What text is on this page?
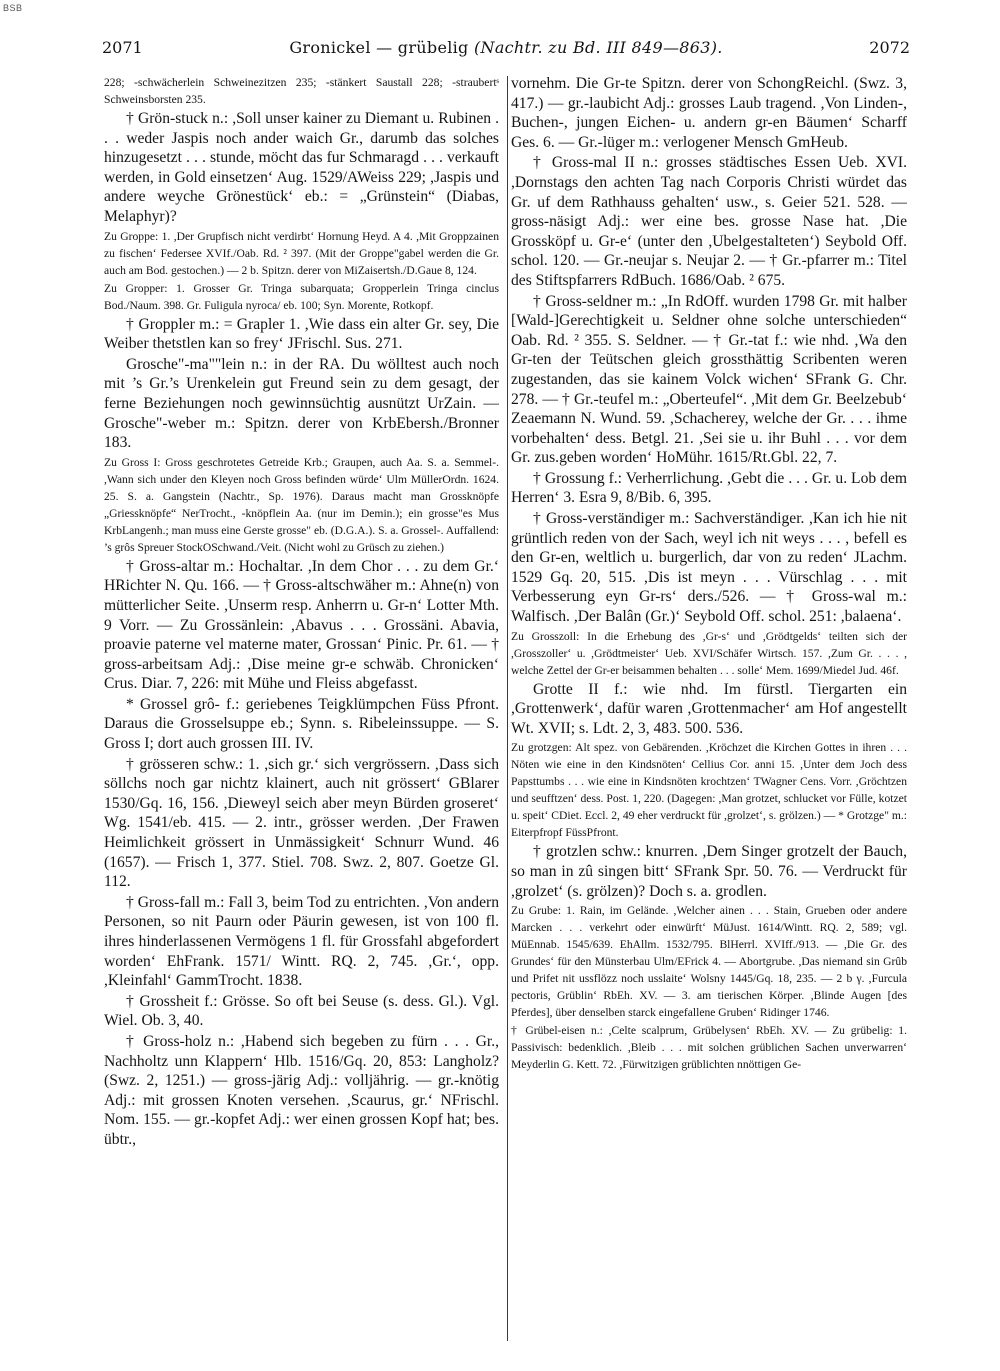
BSB
2071	Gronickel — grübelig (Nachtr. zu Bd. III 849—863).	2072

228; -schwächerlein Schweinezitzen 235; -stänkert Saustall 228; -straubertˢ Schweinsborsten 235.

† Grön-stuck n.: ,Soll unser kainer zu Diemant u. Rubinen . . . weder Jaspis noch ander waich Gr., darumb das solches hinzugesetzt . . . stunde, möcht das fur Schmaragd . . . verkauft werden, in Gold einsetzen‘ Aug. 1529/AWeiss 229; ,Jaspis und andere weyche Grönestück‘ eb.: = „Grünstein“ (Diabas, Melaphyr)?

Zu Groppe: 1. ,Der Grupfisch nicht verdirbt‘ Hornung Heyd. A 4. ,Mit Groppzainen zu fischen‘ Federsee XVIf./Oab. Rd. ² 397. (Mit der Groppe"gabel werden die Gr. auch am Bod. gestochen.) — 2 b. Spitzn. derer von MiZaisertsh./D.Gaue 8, 124.

Zu Gropper: 1. Grosser Gr. Tringa subarquata; Gropperlein Tringa cinclus Bod./Naum. 398. Gr. Fuligula nyroca/ eb. 100; Syn. Morente, Rotkopf.

† Groppler m.: = Grapler 1. ,Wie dass ein alter Gr. sey, Die Weiber thetstlen kan so frey‘ JFrischl. Sus. 271.

Grosche"-ma""lein n.: in der RA. Du wölltest auch noch mit ’s Gr.’s Urenkelein gut Freund sein zu dem gesagt, der ferne Beziehungen noch gewinnsüchtig ausnützt UrZain. — Grosche"-weber m.: Spitzn. derer von KrbEbersh./Bronner 183.

Zu Gross I: Gross geschrotetes Getreide Krb.; Graupen, auch Aa. S. a. Semmel-. ,Wann sich under den Kleyen noch Gross befinden würde‘ Ulm MüllerOrdn. 1624. 25. S. a. Gangstein (Nachtr., Sp. 1976). Daraus macht man Grossknöpfe „Griessknöpfe“ NerTrocht., -knöpflein Aa. (nur im Demin.); ein grosse"es Mus KrbLangenh.; man muss eine Gerste grosse" eb. (D.G.A.). S. a. Grossel-. Auffallend: ’s grôs Spreuer StockOSchwand./Veit. (Nicht wohl zu Grüsch zu ziehen.)

† Gross-altar m.: Hochaltar. ,In dem Chor . . . zu dem Gr.‘ HRichter N. Qu. 166. — † Gross-altschwäher m.: Ahne(n) von mütterlicher Seite. ,Unserm resp. Anherrn u. Gr-n‘ Lotter Mth. 9 Vorr. — Zu Grossänlein: ,Abavus . . . Grossäni. Abavia, proavie paterne vel materne mater, Grossan‘ Pinic. Pr. 61. — † gross-arbeitsam Adj.: ,Dise meine gr-e schwäb. Chronicken‘ Crus. Diar. 7, 226: mit Mühe und Fleiss abgefasst.

* Grossel grô- f.: geriebenes Teigklümpchen Füss Pfront. Daraus die Grosselsuppe eb.; Synn. s. Ribeleinssuppe. — S. Gross I; dort auch grossen III. IV.

† grösseren schw.: 1. ,sich gr.‘ sich vergrössern. ,Dass sich söllchs noch gar nichtz klainert, auch nit grössert‘ GBlarer 1530/Gq. 16, 156. ,Dieweyl seich aber meyn Bürden groseret‘ Wg. 1541/eb. 415. — 2. intr., grösser werden. ,Der Frawen Heimlichkeit grössert in Unmässigkeit‘ Schnurr Wund. 46 (1657). — Frisch 1, 377. Stiel. 708. Swz. 2, 807. Goetze Gl. 112.

† Gross-fall m.: Fall 3, beim Tod zu entrichten. ,Von andern Personen, so nit Paurn oder Päurin gewesen, ist von 100 fl. ihres hinderlassenen Vermögens 1 fl. für Grossfahl abgefordert worden‘ EhFrank. 1571/ Wintt. RQ. 2, 745. ,Gr.‘, opp. ,Kleinfahl‘ GammTrocht. 1838.

† Grossheit f.: Grösse. So oft bei Seuse (s. dess. Gl.). Vgl. Wiel. Ob. 3, 40.

† Gross-holz n.: ,Habend sich begeben zu fürn . . . Gr., Nachholtz unn Klappern‘ Hlb. 1516/Gq. 20, 853: Langholz? (Swz. 2, 1251.) — gross-järig Adj.: volljährig. — gr.-knötig Adj.: mit grossen Knoten versehen. ,Scaurus, gr.‘ NFrischl. Nom. 155. — gr.-kopfet Adj.: wer einen grossen Kopf hat; bes. übtr.,

vornehm. Die Gr-te Spitzn. derer von SchongReichl. (Swz. 3, 417.) — gr.-laubicht Adj.: grosses Laub tragend. ,Von Linden-, Buchen-, jungen Eichen- u. andern gr-en Bäumen‘ Scharff Ges. 6. — Gr.-lüger m.: verlogener Mensch GmHeub.

† Gross-mal II n.: grosses städtisches Essen Ueb. XVI. ,Dornstags den achten Tag nach Corporis Christi würdet das Gr. uf dem Rathhauss gehalten‘ usw., s. Geier 521. 528. — gross-näsigt Adj.: wer eine bes. grosse Nase hat. ,Die Grossköpf u. Gr-e‘ (unter den ,Ubelgestalteten‘) Seybold Off. schol. 120. — Gr.-neujar s. Neujar 2. — † Gr.-pfarrer m.: Titel des Stiftspfarrers RdBuch. 1686/Oab. ² 675.

† Gross-seldner m.: „In RdOff. wurden 1798 Gr. mit halber [Wald-]Gerechtigkeit u. Seldner ohne solche unterschieden“ Oab. Rd. ² 355. S. Seldner. — † Gr.-tat f.: wie nhd. ,Wa den Gr-ten der Teütschen gleich grossthättig Scribenten weren zugestanden, das sie kainem Volck wichen‘ SFrank G. Chr. 278. — † Gr.-teufel m.: „Oberteufel“. ,Mit dem Gr. Beelzebub‘ Zeaemann N. Wund. 59. ,Schacherey, welche der Gr. . . . ihme vorbehalten‘ dess. Betgl. 21. ,Sei sie u. ihr Buhl . . . vor dem Gr. zus.geben worden‘ HoMühr. 1615/Rt.Gbl. 22, 7.

† Grossung f.: Verherrlichung. ,Gebt die . . . Gr. u. Lob dem Herren‘ 3. Esra 9, 8/Bib. 6, 395.

† Gross-verständiger m.: Sachverständiger. ,Kan ich hie nit grüntlich reden von der Sach, weyl ich nit weys . . . , befell es den Gr-en, weltlich u. burgerlich, dar von zu reden‘ JLachm. 1529 Gq. 20, 515. ,Dis ist meyn . . . Vürschlag . . . mit Verbesserung eyn Gr-rs‘ ders./526. — † Gross-wal m.: Walfisch. ,Der Balân (Gr.)‘ Seybold Off. schol. 251: ,balaena‘.

Zu Grosszoll: In die Erhebung des ,Gr-s‘ und ,Grödtgelds‘ teilten sich der ,Grosszoller‘ u. ,Grödtmeister‘ Ueb. XVI/Schäfer Wirtsch. 157. ,Zum Gr. . . . , welche Zettel der Gr-er beisammen behalten . . . solle‘ Mem. 1699/Miedel Jud. 46f.

Grotte II f.: wie nhd. Im fürstl. Tiergarten ein ,Grottenwerk‘, dafür waren ,Grottenmacher‘ am Hof angestellt Wt. XVII; s. Ldt. 2, 3, 483. 500. 536.

Zu grotzgen: Alt spez. von Gebärenden. ,Kröchzet die Kirchen Gottes in ihren . . . Nöten wie eine in den Kindsnöten‘ Cellius Cor. anni 15. ,Unter dem Joch dess Papsttumbs . . . wie eine in Kindsnöten krochtzen‘ TWagner Cens. Vorr. ,Gröchtzen und seufftzen‘ dess. Post. 1, 220. (Dagegen: ,Man grotzet, schlucket vor Fülle, kotzet u. speit‘ CDiet. Eccl. 2, 49 eher verdruckt für ,grolzet‘, s. grölzen.) — * Grotzge" m.: Eiterpfropf FüssPfront.

† grotzlen schw.: knurren. ,Dem Singer grotzelt der Bauch, so man in zû singen bitt‘ SFrank Spr. 50. 76. — Verdruckt für ,grolzet‘ (s. grölzen)? Doch s. a. grodlen.

Zu Grube: 1. Rain, im Gelände. ,Welcher ainen . . . Stain, Grueben oder andere Marcken . . . verkehrt oder einwürft‘ MüJust. 1614/Wintt. RQ. 2, 589; vgl. MüEnnab. 1545/639. EhAllm. 1532/795. BlHerrl. XVIff./913. — ,Die Gr. des Grundes‘ für den Münsterbau Ulm/EFrick 4. — Abortgrube. ,Das niemand sin Grûb und Prifet nit ussflözz noch usslaite‘ Wolsny 1445/Gq. 18, 235. — 2 b γ. ,Furcula pectoris, Grüblin‘ RbEh. XV. — 3. am tierischen Körper. ,Blinde Augen [des Pferdes], über denselben starck eingefallene Gruben‘ Ridinger 1746.

† Grübel-eisen n.: ,Celte scalprum, Grübelysen‘ RbEh. XV. — Zu grübelig: 1. Passivisch: bedenklich. ,Bleib . . . mit solchen grüblichen Sachen unverwarren‘ Meyderlin G. Kett. 72. ,Fürwitzigen grüblichten nnöttigen Ge-
